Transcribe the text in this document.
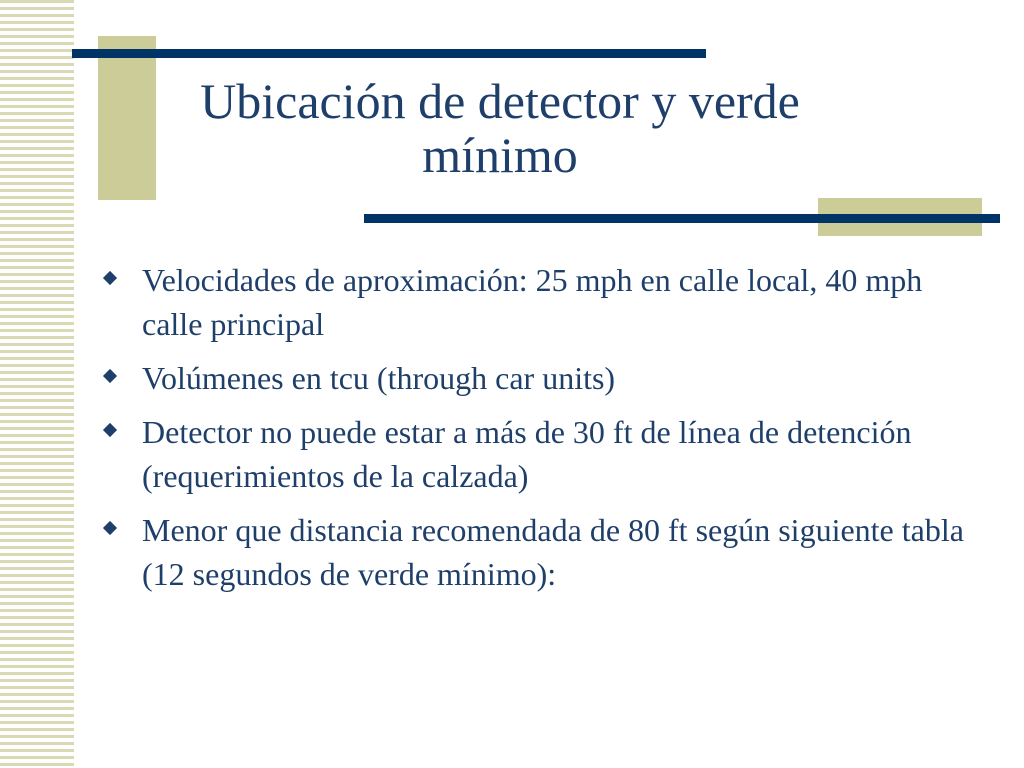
Ubicación de detector y verde mínimo
Velocidades de aproximación: 25 mph en calle local, 40 mph calle principal
Volúmenes en tcu (through car units)
Detector no puede estar a más de 30 ft de línea de detención (requerimientos de la calzada)
Menor que distancia recomendada de 80 ft según siguiente tabla (12 segundos de verde mínimo):
